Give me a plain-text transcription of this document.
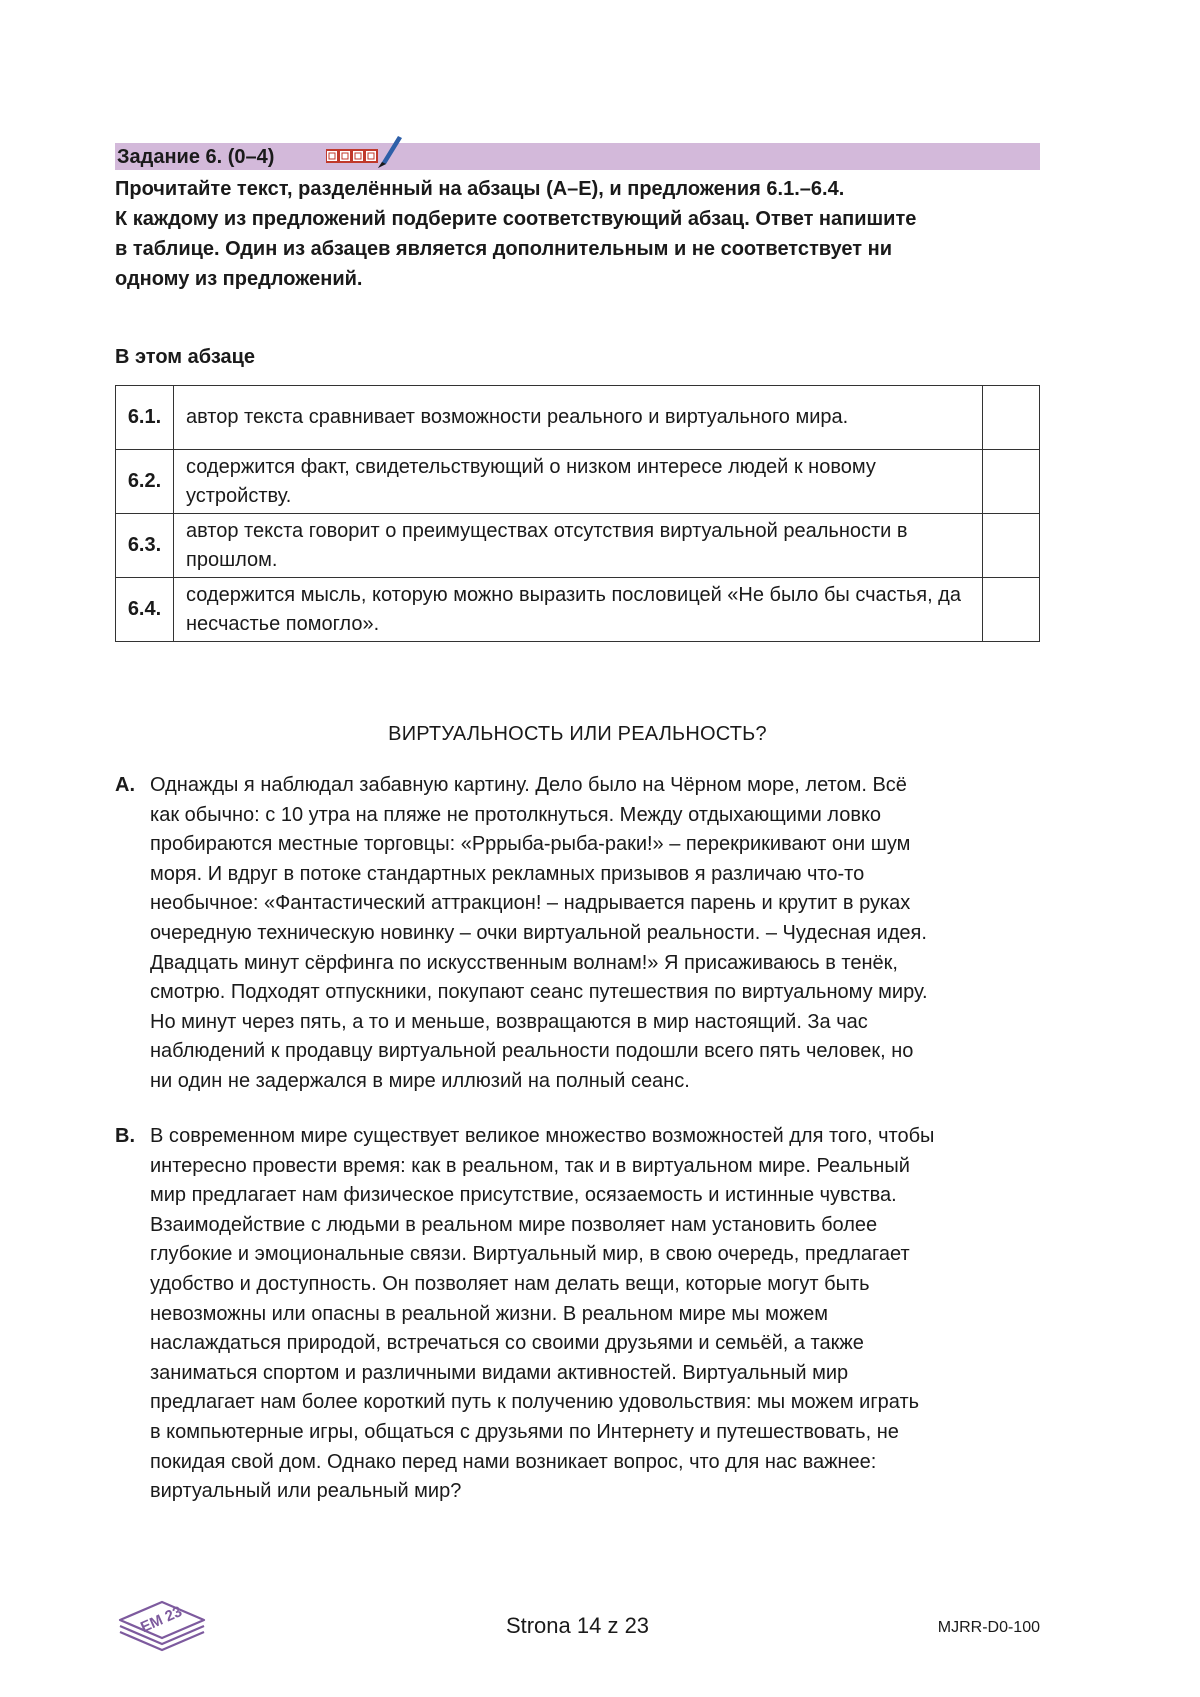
Задание 6. (0–4)

Прочитайте текст, разделённый на абзацы (A–E), и предложения 6.1.–6.4.

К каждому из предложений подберите соответствующий абзац. Ответ напишите

в таблице. Один из абзацев является дополнительным и не соответствует ни

одному из предложений.

В этом абзаце
6.1.	автор текста сравнивает возможности реального и виртуального мира.	
6.2.	содержится факт, свидетельствующий о низком интересе людей к новому устройству.	
6.3.	автор текста говорит о преимуществах отсутствия виртуальной реальности в прошлом.	
6.4.	содержится мысль, которую можно выразить пословицей «Не было бы счастья, да несчастье помогло».	
ВИРТУАЛЬНОСТЬ ИЛИ РЕАЛЬНОСТЬ?
A. Однажды я наблюдал забавную картину. Дело было на Чёрном море, летом. Всё
как обычно: с 10 утра на пляже не протолкнуться. Между отдыхающими ловко
пробираются местные торговцы: «Рррыба-рыба-раки!» – перекрикивают они шум
моря. И вдруг в потоке стандартных рекламных призывов я различаю что-то
необычное: «Фантастический аттракцион! – надрывается парень и крутит в руках
очередную техническую новинку – очки виртуальной реальности. – Чудесная идея.
Двадцать минут сёрфинга по искусственным волнам!» Я присаживаюсь в тенёк,
смотрю. Подходят отпускники, покупают сеанс путешествия по виртуальному миру.
Но минут через пять, а то и меньше, возвращаются в мир настоящий. За час
наблюдений к продавцу виртуальной реальности подошли всего пять человек, но
ни один не задержался в мире иллюзий на полный сеанс.
B. В современном мире существует великое множество возможностей для того, чтобы
интересно провести время: как в реальном, так и в виртуальном мире. Реальный
мир предлагает нам физическое присутствие, осязаемость и истинные чувства.
Взаимодействие с людьми в реальном мире позволяет нам установить более
глубокие и эмоциональные связи. Виртуальный мир, в свою очередь, предлагает
удобство и доступность. Он позволяет нам делать вещи, которые могут быть
невозможны или опасны в реальной жизни. В реальном мире мы можем
наслаждаться природой, встречаться со своими друзьями и семьёй, а также
заниматься спортом и различными видами активностей. Виртуальный мир
предлагает нам более короткий путь к получению удовольствия: мы можем играть
в компьютерные игры, общаться с друзьями по Интернету и путешествовать, не
покидая свой дом. Однако перед нами возникает вопрос, что для нас важнее:
виртуальный или реальный мир?
EM 23	Strona 14 z 23	MJRR-D0-100
